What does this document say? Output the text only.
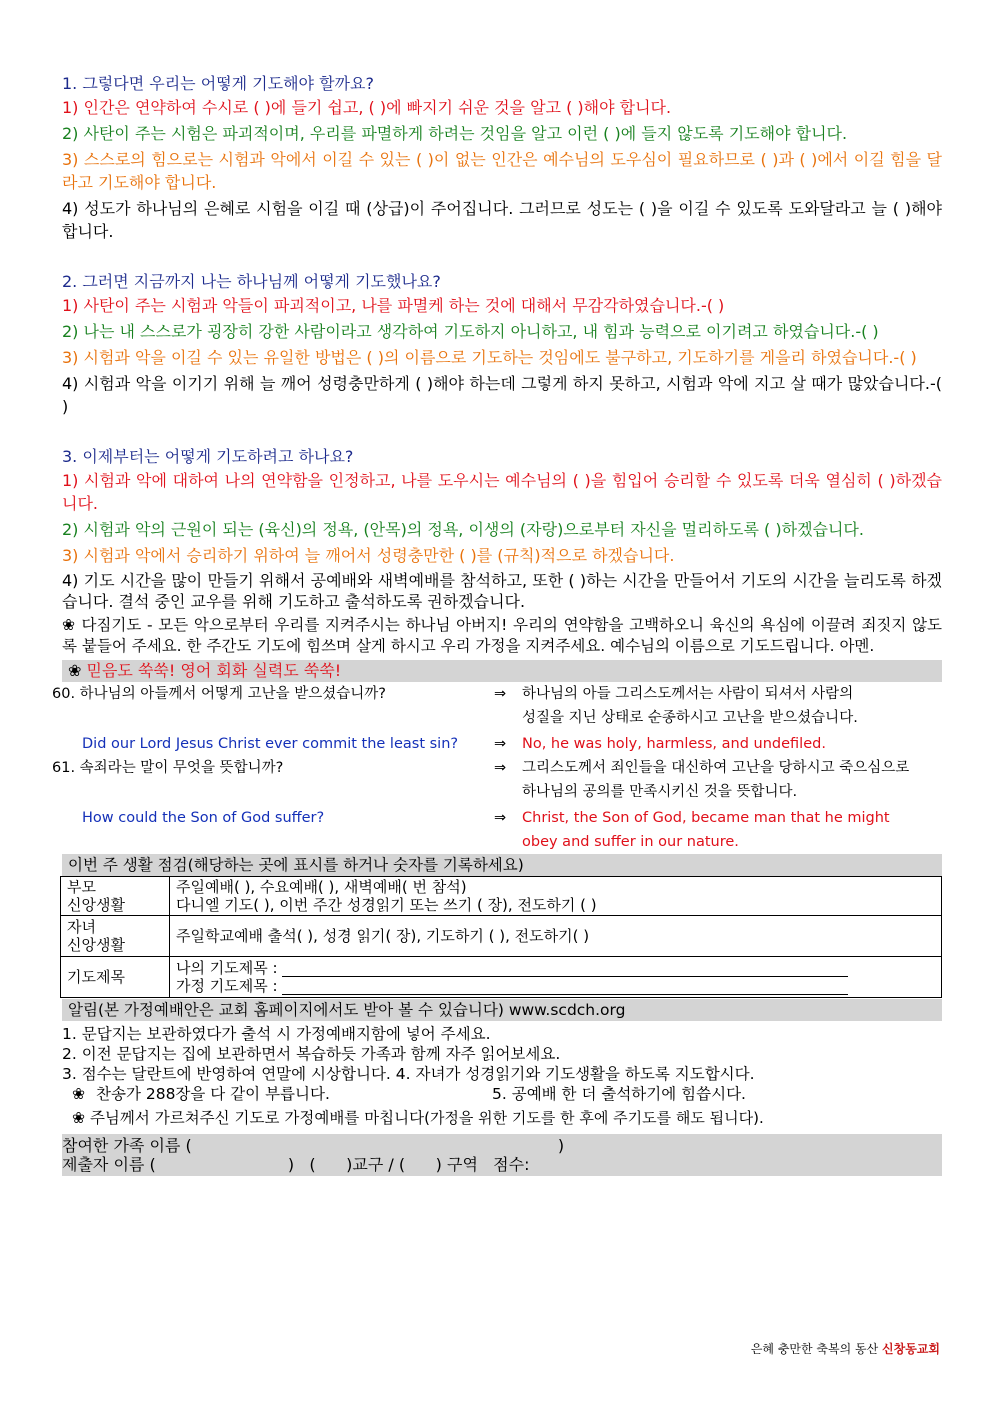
1. 그렇다면 우리는 어떻게 기도해야 할까요?

1) 인간은 연약하여 수시로 ( )에 들기 쉽고, ( )에 빠지기 쉬운 것을 알고 ( )해야 합니다.

2) 사탄이 주는 시험은 파괴적이며, 우리를 파멸하게 하려는 것임을 알고 이런 ( )에 들지 않도록 기도해야 합니다.

3) 스스로의 힘으로는 시험과 악에서 이길 수 있는 ( )이 없는 인간은 예수님의 도우심이 필요하므로 ( )과 ( )에서 이길 힘을 달라고 기도해야 합니다.

4) 성도가 하나님의 은혜로 시험을 이길 때 (상급)이 주어집니다. 그러므로 성도는 ( )을 이길 수 있도록 도와달라고 늘 ( )해야 합니다.

2. 그러면 지금까지 나는 하나님께 어떻게 기도했나요?

1) 사탄이 주는 시험과 악들이 파괴적이고, 나를 파멸케 하는 것에 대해서 무감각하였습니다.-( )

2) 나는 내 스스로가 굉장히 강한 사람이라고 생각하여 기도하지 아니하고, 내 힘과 능력으로 이기려고 하였습니다.-( )

3) 시험과 악을 이길 수 있는 유일한 방법은 ( )의 이름으로 기도하는 것임에도 불구하고, 기도하기를 게을리 하였습니다.-( )

4) 시험과 악을 이기기 위해 늘 깨어 성령충만하게 ( )해야 하는데 그렇게 하지 못하고, 시험과 악에 지고 살 때가 많았습니다.-( )

3. 이제부터는 어떻게 기도하려고 하나요?

1) 시험과 악에 대하여 나의 연약함을 인정하고, 나를 도우시는 예수님의 ( )을 힘입어 승리할 수 있도록 더욱 열심히 ( )하겠습니다.

2) 시험과 악의 근원이 되는 (육신)의 정욕, (안목)의 정욕, 이생의 (자랑)으로부터 자신을 멀리하도록 ( )하겠습니다.

3) 시험과 악에서 승리하기 위하여 늘 깨어서 성령충만한 ( )를 (규칙)적으로 하겠습니다.

4) 기도 시간을 많이 만들기 위해서 공예배와 새벽예배를 참석하고, 또한 ( )하는 시간을 만들어서 기도의 시간을 늘리도록 하겠습니다. 결석 중인 교우를 위해 기도하고 출석하도록 권하겠습니다.

❀ 다짐기도 - 모든 악으로부터 우리를 지켜주시는 하나님 아버지! 우리의 연약함을 고백하오니 육신의 욕심에 이끌려 죄짓지 않도록 붙들어 주세요. 한 주간도 기도에 힘쓰며 살게 하시고 우리 가정을 지켜주세요. 예수님의 이름으로 기도드립니다. 아멘.

❀ 믿음도 쑥쑥! 영어 회화 실력도 쑥쑥!
60. 하나님의 아들께서 어떻게 고난을 받으셨습니까?	⇒ 하나님의 아들 그리스도께서는 사람이 되셔서 사람의
성질을 지닌 상태로 순종하시고 고난을 받으셨습니다.
Did our Lord Jesus Christ ever commit the least sin? ⇒ No, he was holy, harmless, and undefiled.
61. 속죄라는 말이 무엇을 뜻합니까?	⇒ 그리스도께서 죄인들을 대신하여 고난을 당하시고 죽으심으로
하나님의 공의를 만족시키신 것을 뜻합니다.
How could the Son of God suffer?	⇒ Christ, the Son of God, became man that he might
obey and suffer in our nature.
이번 주 생활 점검(해당하는 곳에 표시를 하거나 숫자를 기록하세요)
부모
신앙생활	주일예배( ), 수요예배( ), 새벽예배( 번 참석)
다니엘 기도( ), 이번 주간 성경읽기 또는 쓰기 ( 장), 전도하기 ( )
자녀
신앙생활	주일학교예배 출석( ), 성경 읽기( 장), 기도하기 ( ), 전도하기( )
기도제목	나의 기도제목 :
가정 기도제목 :
알림(본 가정예배안은 교회 홈페이지에서도 받아 볼 수 있습니다) www.scdch.org

1. 문답지는 보관하였다가 출석 시 가정예배지함에 넣어 주세요.

2. 이전 문답지는 집에 보관하면서 복습하듯 가족과 함께 자주 읽어보세요.

3. 점수는 달란트에 반영하여 연말에 시상합니다. 4. 자녀가 성경읽기와 기도생활을 하도록 지도합시다.

❀ 찬송가 288장을 다 같이 부릅니다.	5. 공예배 한 더 출석하기에 힘씁시다.

❀ 주님께서 가르쳐주신 기도로 가정예배를 마칩니다(가정을 위한 기도를 한 후에 주기도를 해도 됩니다).

참여한 가족 이름 (                                                                        )
제출자 이름 (                          )   (      )교구 / (      ) 구역   점수:
은혜 충만한 축복의 동산 신창동교회
